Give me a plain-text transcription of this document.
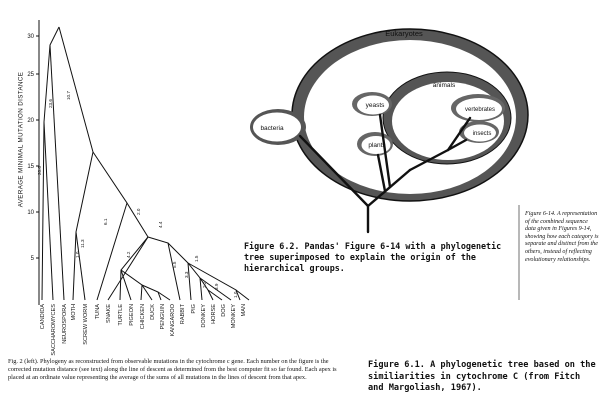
5
10
15
20
25
30
CANDIDA SACCHAROMYCES NEUROSPORA MOTH SCREW WORM TUNA SNAKE TURTLE PIGEON CHICKEN DUCK PENGUIN KANGAROO RABBIT PIG DONKEY HORSE DOG MONKEY MAN
20.6
23.6
10.7
11.3
1.0
6.1
2.0
4.2
4.4
5.5
3.3
1.5
2.2 3.9
1.0
Eukaryotes
animals
yeasts
plants
vertebrates
insects
bacteria
AVERAGE MINIMAL MUTATION DISTANCE
Fig. 2 (left). Phylogeny as reconstructed from observable mutations in the cytochrome c gene. Each number on the figure is the corrected mutation distance (see text) along the line of descent as determined from the best computer fit so far found. Each apex is placed at an ordinate value representing the average of the sums of all mutations in the lines of descent from that apex.
Figure 6.1. A phylogenetic tree based on the similiarities in cytochrome C (from Fitch and Margoliash, 1967).
Figure 6.2. Pandas' Figure 6-14 with a phylogenetic tree superimposed to explain the origin of the hierarchical groups.
Figure 6-14. A representation of the combined sequence data given in Figures 9-14, showing how each category is separate and distinct from the others, instead of reflecting evolutionary relationships.
